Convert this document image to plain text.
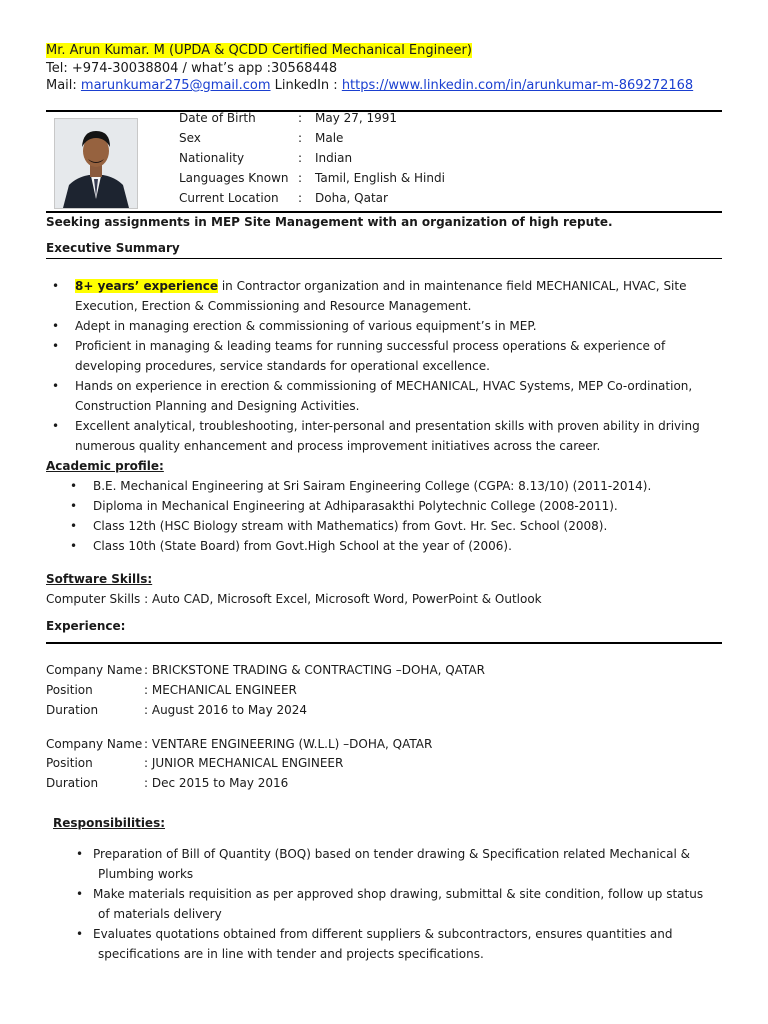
Mr. Arun Kumar. M (UPDA & QCDD Certified Mechanical Engineer)
Tel: +974-30038804 / what’s app :30568448
Mail: marunkumar275@gmail.com LinkedIn : https://www.linkedin.com/in/arunkumar-m-869272168
Date of Birth	: May 27, 1991
Sex	: Male
Nationality	: Indian
Languages Known : Tamil, English & Hindi
Current Location : Doha, Qatar
Seeking assignments in MEP Site Management with an organization of high repute.
Executive Summary
• 8+ years’ experience in Contractor organization and in maintenance field MECHANICAL, HVAC, Site
Execution, Erection & Commissioning and Resource Management.
• Adept in managing erection & commissioning of various equipment’s in MEP.
• Proficient in managing & leading teams for running successful process operations & experience of
developing procedures, service standards for operational excellence.
• Hands on experience in erection & commissioning of MECHANICAL, HVAC Systems, MEP Co-ordination,
Construction Planning and Designing Activities.
• Excellent analytical, troubleshooting, inter-personal and presentation skills with proven ability in driving
numerous quality enhancement and process improvement initiatives across the career.
Academic profile:
• B.E. Mechanical Engineering at Sri Sairam Engineering College (CGPA: 8.13/10) (2011-2014).
• Diploma in Mechanical Engineering at Adhiparasakthi Polytechnic College (2008-2011).
• Class 12th (HSC Biology stream with Mathematics) from Govt. Hr. Sec. School (2008).
• Class 10th (State Board) from Govt.High School at the year of (2006).
Software Skills:
Computer Skills : Auto CAD, Microsoft Excel, Microsoft Word, PowerPoint & Outlook
Experience:
Company Name : BRICKSTONE TRADING & CONTRACTING –DOHA, QATAR
Position	: MECHANICAL ENGINEER
Duration	: August 2016 to May 2024
Company Name : VENTARE ENGINEERING (W.L.L) –DOHA, QATAR
Position	: JUNIOR MECHANICAL ENGINEER
Duration	: Dec 2015 to May 2016
Responsibilities:
• Preparation of Bill of Quantity (BOQ) based on tender drawing & Specification related Mechanical &
Plumbing works
• Make materials requisition as per approved shop drawing, submittal & site condition, follow up status
of materials delivery
• Evaluates quotations obtained from different suppliers & subcontractors, ensures quantities and
specifications are in line with tender and projects specifications.
